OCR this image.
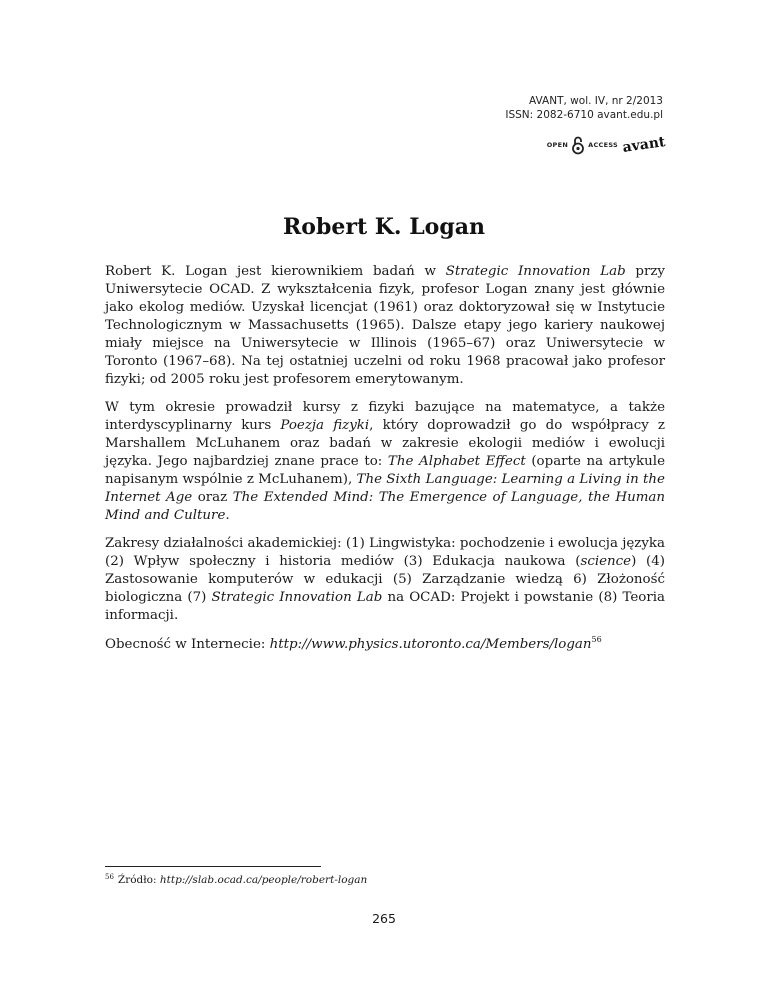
AVANT, wol. IV, nr 2/2013
ISSN: 2082-6710 avant.edu.pl
OPEN	ACCESS avant
Robert K. Logan

Robert K. Logan jest kierownikiem badań w Strategic Innovation Lab przy Uniwersytecie OCAD. Z wykształcenia fizyk, profesor Logan znany jest głównie jako ekolog mediów. Uzyskał licencjat (1961) oraz doktoryzował się w Instytucie Technologicznym w Massachusetts (1965). Dalsze etapy jego kariery naukowej miały miejsce na Uniwersytecie w Illinois (1965–67) oraz Uniwersytecie w Toronto (1967–68). Na tej ostatniej uczelni od roku 1968 pracował jako profesor fizyki; od 2005 roku jest profesorem emerytowanym.

W tym okresie prowadził kursy z fizyki bazujące na matematyce, a także interdyscyplinarny kurs Poezja fizyki, który doprowadził go do współpracy z Marshallem McLuhanem oraz badań w zakresie ekologii mediów i ewolucji języka. Jego najbardziej znane prace to: The Alphabet Effect (oparte na artykule napisanym wspólnie z McLuhanem), The Sixth Language: Learning a Living in the Internet Age oraz The Extended Mind: The Emergence of Language, the Human Mind and Culture.

Zakresy działalności akademickiej: (1) Lingwistyka: pochodzenie i ewolucja języka (2) Wpływ społeczny i historia mediów (3) Edukacja naukowa (science) (4) Zastosowanie komputerów w edukacji (5) Zarządzanie wiedzą 6) Złożoność biologiczna (7) Strategic Innovation Lab na OCAD: Projekt i powstanie (8) Teoria informacji.

Obecność w Internecie: http://www.physics.utoronto.ca/Members/logan$^{56}$

$^{56}$ Źródło: http://slab.ocad.ca/people/robert-logan
265
